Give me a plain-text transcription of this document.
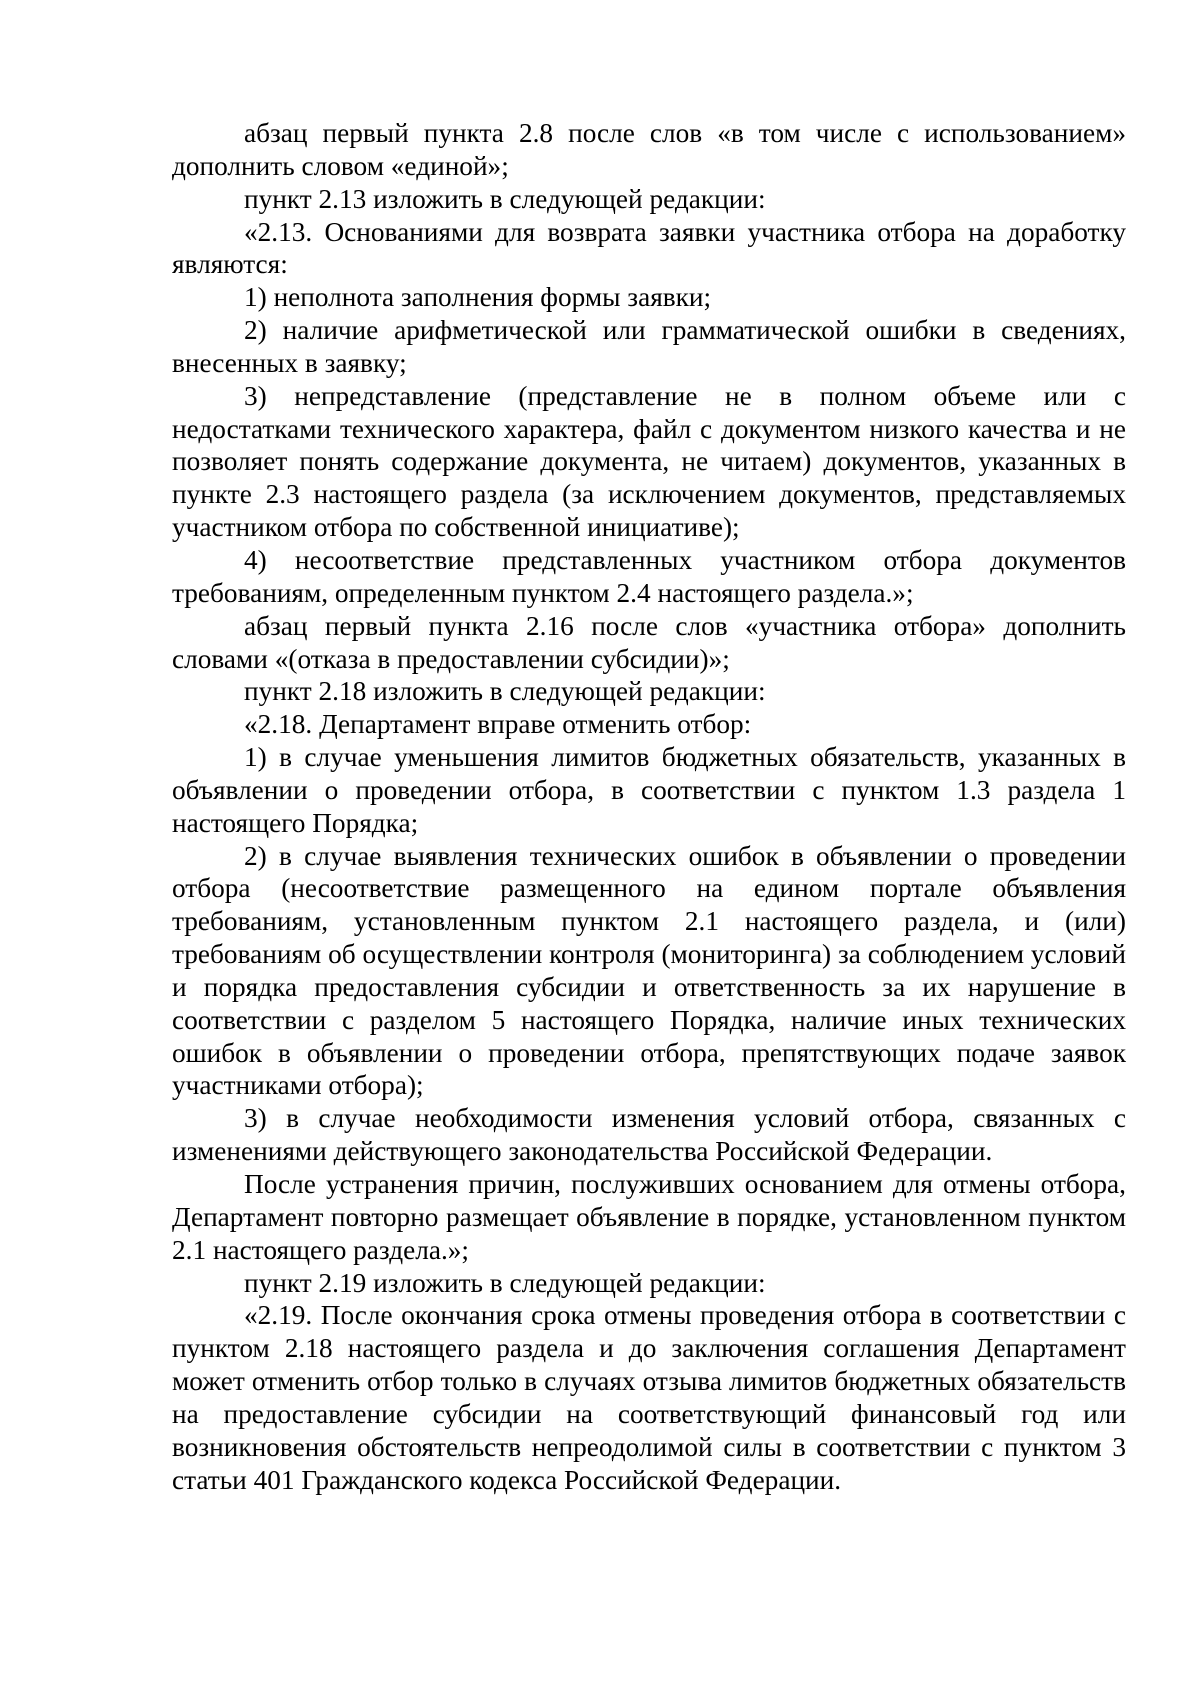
абзац первый пункта 2.8 после слов «в том числе с использованием» дополнить словом «единой»;

пункт 2.13 изложить в следующей редакции:

«2.13. Основаниями для возврата заявки участника отбора на доработку являются:

1) неполнота заполнения формы заявки;

2) наличие арифметической или грамматической ошибки в сведениях, внесенных в заявку;

3) непредставление (представление не в полном объеме или с недостатками технического характера, файл с документом низкого качества и не позволяет понять содержание документа, не читаем) документов, указанных в пункте 2.3 настоящего раздела (за исключением документов, представляемых участником отбора по собственной инициативе);

4) несоответствие представленных участником отбора документов требованиям, определенным пунктом 2.4 настоящего раздела.»;

абзац первый пункта 2.16 после слов «участника отбора» дополнить словами «(отказа в предоставлении субсидии)»;

пункт 2.18 изложить в следующей редакции:

«2.18. Департамент вправе отменить отбор:

1) в случае уменьшения лимитов бюджетных обязательств, указанных в объявлении о проведении отбора, в соответствии с пунктом 1.3 раздела 1 настоящего Порядка;

2) в случае выявления технических ошибок в объявлении о проведении отбора (несоответствие размещенного на едином портале объявления требованиям, установленным пунктом 2.1 настоящего раздела, и (или) требованиям об осуществлении контроля (мониторинга) за соблюдением условий и порядка предоставления субсидии и ответственность за их нарушение в соответствии с разделом 5 настоящего Порядка, наличие иных технических ошибок в объявлении о проведении отбора, препятствующих подаче заявок участниками отбора);

3) в случае необходимости изменения условий отбора, связанных с изменениями действующего законодательства Российской Федерации.

После устранения причин, послуживших основанием для отмены отбора, Департамент повторно размещает объявление в порядке, установленном пунктом 2.1 настоящего раздела.»;

пункт 2.19 изложить в следующей редакции:

«2.19. После окончания срока отмены проведения отбора в соответствии с пунктом 2.18 настоящего раздела и до заключения соглашения Департамент может отменить отбор только в случаях отзыва лимитов бюджетных обязательств на предоставление субсидии на соответствующий финансовый год или возникновения обстоятельств непреодолимой силы в соответствии с пунктом 3 статьи 401 Гражданского кодекса Российской Федерации.
